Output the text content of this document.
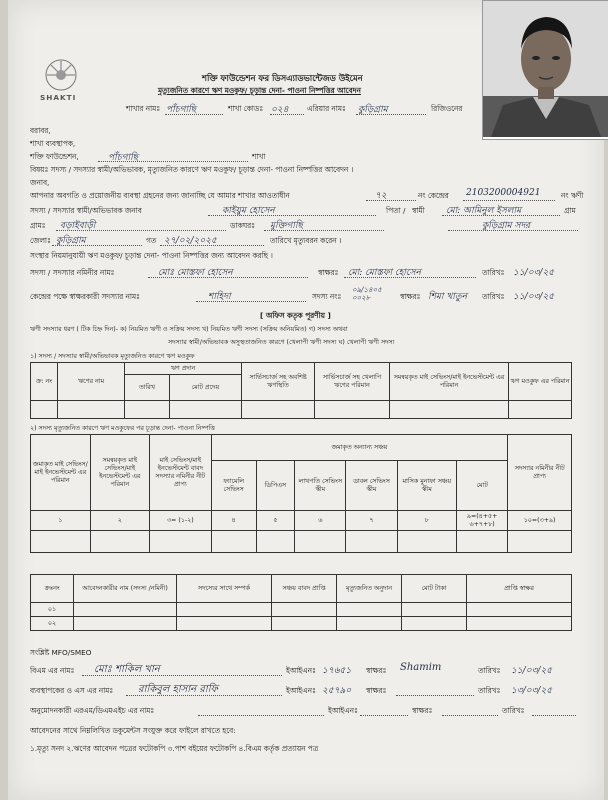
SHAKTI
শক্তি ফাউন্ডেশন ফর ডিসএ্যাডভান্টেজড উইমেন
মৃত্যুজনিত কারণে ঋণ মওকুফ/ চূড়ান্ত দেনা- পাওনা নিষ্পত্তির আবেদন
শাখার নামঃ পাঁচগাছি	শাখা কোডঃ ০২৪	এরিয়ার নামঃ কুড়িগ্রাম	রিজিওনের
বরাবর,
শাখা ব্যবস্থাপক,
শক্তি ফাউন্ডেশন,	পাঁচগাছি	শাখা
বিষয়ঃ সদস্য / সদস্যার স্বামী/অভিভাবক, মৃত্যুজনিত কারণে ঋণ মওকুফ/ চূড়ান্ত দেনা- পাওনা নিষ্পত্তির আবেদন ।
জনাব,
আপনার অবগতি ও প্রয়োজনীয় ব্যবস্থা গ্রহনের জন্য জানাচ্ছি যে আমার শাখার আওতাধীন	৭২	নং কেন্দ্রের 2103200004921	নং ঋণী
সদস্য / সদস্যার স্বামী/অভিভাবক জনাব	কাইয়ুম হোসেন	পিতা / স্বামী মো: আমিনুল ইসলাম	গ্রাম
গ্রামঃ বড়াইবাড়ী	ডাকঘরঃ মুক্তিগাছি	কুড়িগ্রাম সদর
জেলাঃ কুড়িগ্রাম	গত ২৭/০২/২০২৫	তারিখে মৃত্যুবরন করেন ।
সংস্থার নিয়মানুযায়ী ঋণ মওকুফ/ চূড়ান্ত দেনা- পাওনা নিষ্পত্তির জন্য আবেদন করছি ।
সদস্য / সদস্যার নমিনীর নামঃ	মোঃ মোস্তফা হোসেন	স্বাক্ষরঃ মো: মোস্তফা হোসেন	তারিখঃ ১১/০৩/২৫
কেন্দ্রের পক্ষে স্বাক্ষরকারী সদস্যার নামঃ	শাহিদা	সদস্য নংঃ
০৯/১৪০৫ ০০২৮	স্বাক্ষরঃ শিমা খাতুন তারিখঃ ১১/০৩/২৫
[ অফিস কতৃক পূরণীয় ]
ঋণী সদস্যার ধরণ ( টিক চিহ্ন দিন)- ক) নিয়মিত ঋণী ও সক্রিয় সদস্য খ) নিয়মিত ঋণী সদস্য (সক্রিয় অনিয়মিত) গ) সদস্য অথবা
সদস্যার স্বামী/অভিভাবক অসুস্থতাজনিত কারণে (খেলাপী ঋণী সদস্য ঘ) খেলাপী ঋণী সদস্য
১) সদস্য / সদস্যার স্বামী/অভিভাবক মৃত্যুজনিত কারণে ঋণ মওকুফ
ক্র: নং	ঋণের নাম	ঋণ প্রদান		সার্ভিসচার্জ সহ অবশিষ্ট ঋণস্থিতি	সার্ভিসচার্জ সহ খেলাপি ঋণের পরিমান	সমন্বয়কৃত মাই সেভিংস/মাই ইনভেস্টমেন্ট এর পরিমান	ঋণ মওকুফ এর পরিমান
		তারিখ	মোট প্রদেয়				

২) সদস্য মৃত্যুজনিত কারণে ঋণ মওকুফের পর চূড়ান্ত দেনা- পাওনা নিষ্পত্তি
জমাকৃত মাই সেভিংস/মাই ইনভেস্টমেন্ট এর পরিমান	সমন্বয়কৃত মাই সেভিংস/মাই ইনভেস্টমেন্ট এর পরিমান	মাই সেভিংস/মাই ইনভেস্টমেন্ট বাবদ সদস্যার নমিনীর নীট প্রাপ্য	জমাকৃত অন্যান্য সঞ্চয়						সদস্যার নমিনীর নীট প্রাপ্য
			ফ্যামেলি সেভিংস	ডিপিএস	লাখপতি সেভিংস স্কীম	ডাবল সেভিংস স্কীম	মাসিক মুনাফা সঞ্চয় স্কীম	মোট	
১	২	৩= (১-২)	৪	৫	৬	৭	৮	৯=(৪+৫+ ৬+৭+৮)	১০=(৩+৯)

ক্রঃনং	আবেদনকারীর নাম (সদস্য /নমিনী)	সদস্যের সাথে সম্পর্ক	সঞ্চয় বাবদ প্রাপ্তি	মৃত্যুজনিত অনুদান	মোট টাকা	প্রাপ্তি স্বাক্ষর
০১						
০২						
সংশ্লিষ্ট MFO/SMEO
বিএম এর নামঃ মোঃ শাকিল খান	ইআইএনঃ ১৭৬৫১ স্বাক্ষরঃ Shamim	তারিখঃ ১১/০৩/২৫
ব্যবস্থাপকের ও এস এর নামঃ রাকিবুল হাসান রাফি	ইআইএনঃ ২৫৭৯০ স্বাক্ষরঃ	তারিখঃ ১৩/০৩/২৫
অনুমোদনকারী এরএম/ডিএমএইচ এর নামঃ	ইআইএনঃ	স্বাক্ষরঃ	তারিখঃ
আবেদনের সাথে নিম্নলিখিত ডকুমেন্টস সংযুক্ত করে ফাইলে রাখতে হবে:
১.মৃত্যু সনদ ২.ঋণের আবেদন পত্রের ফটোকপি ৩.পাশ বইয়ের ফটোকপি ৪.বিএম কর্তৃক প্রত্যায়ন পত্র
